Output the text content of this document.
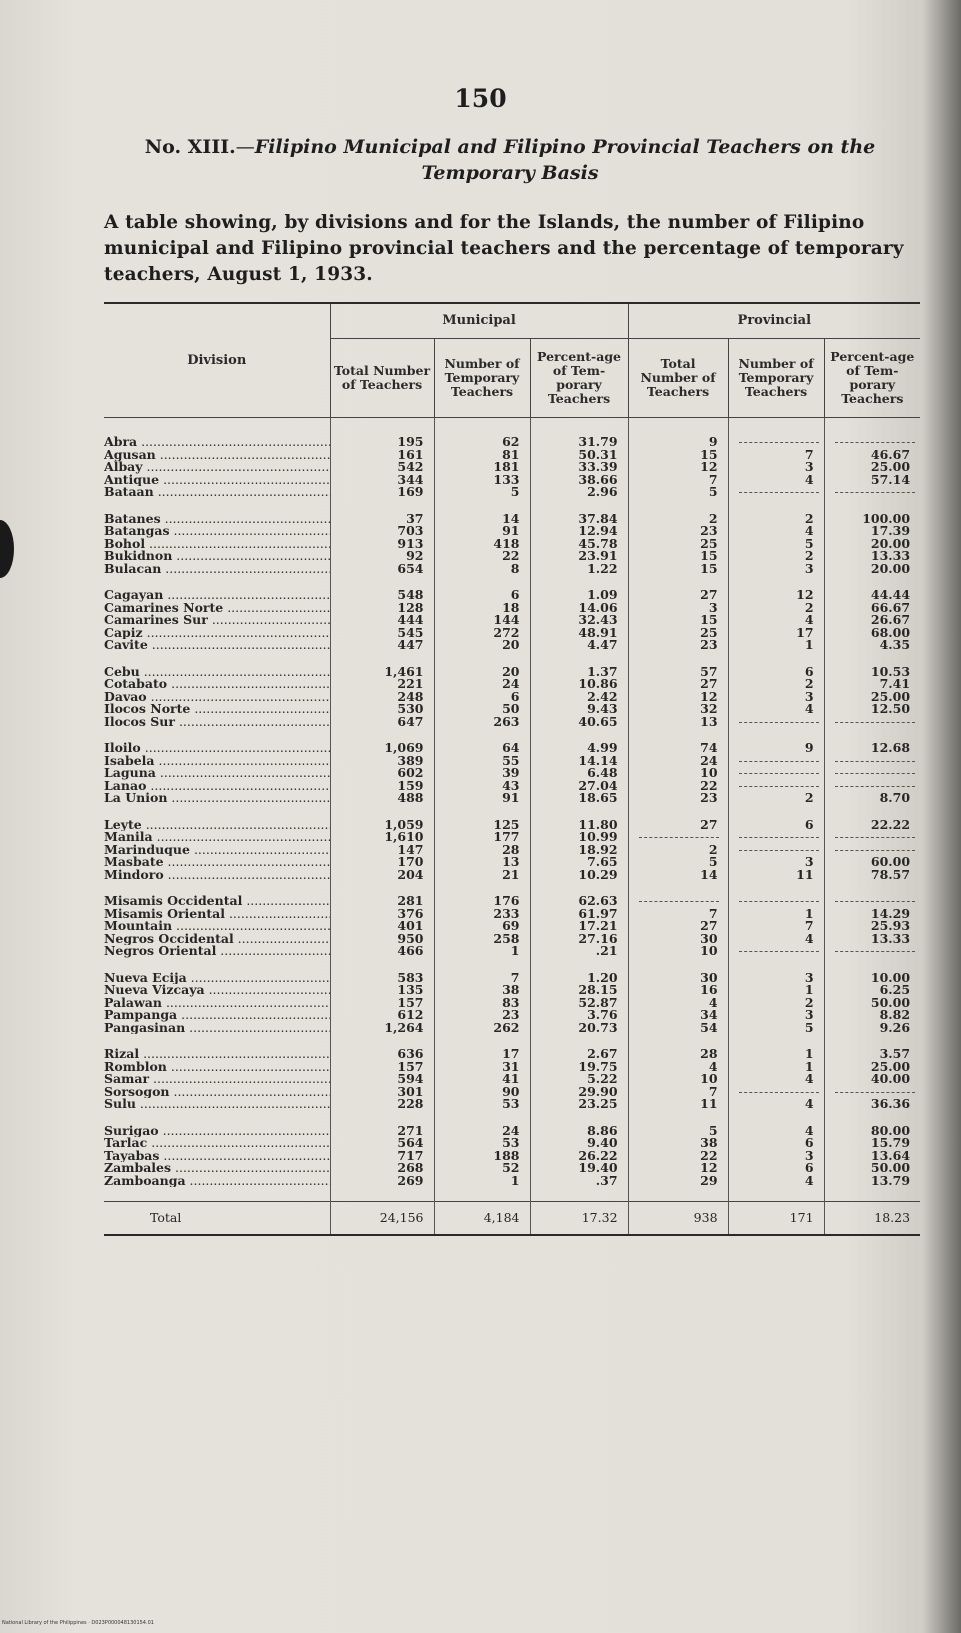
150
No. XIII.—Filipino Municipal and Filipino Provincial Teachers on the
Temporary Basis
A table showing, by divisions and for the Islands, the number of Filipino municipal and Filipino provincial teachers and the percentage of temporary teachers, August 1, 1933.
Division	Municipal			Provincial		
	Total Number of Teachers	Number of Temporary Teachers	Percent-age of Tem-porary Teachers	Total Number of Teachers	Number of Temporary Teachers	Percent-age of Tem-porary Teachers

Abra .....	195	62	31.79	9		
Agusan .....	161	81	50.31	15	7	46.67
Albay .....	542	181	33.39	12	3	25.00
Antique .....	344	133	38.66	7	4	57.14
Bataan .....	169	5	2.96	5		

Batanes .....	37	14	37.84	2	2	100.00
Batangas .....	703	91	12.94	23	4	17.39
Bohol .....	913	418	45.78	25	5	20.00
Bukidnon .....	92	22	23.91	15	2	13.33
Bulacan .....	654	8	1.22	15	3	20.00

Cagayan .....	548	6	1.09	27	12	44.44
Camarines Norte .....	128	18	14.06	3	2	66.67
Camarines Sur .....	444	144	32.43	15	4	26.67
Capiz .....	545	272	48.91	25	17	68.00
Cavite .....	447	20	4.47	23	1	4.35

Cebu .....	1,461	20	1.37	57	6	10.53
Cotabato .....	221	24	10.86	27	2	7.41
Davao .....	248	6	2.42	12	3	25.00
Ilocos Norte .....	530	50	9.43	32	4	12.50
Ilocos Sur .....	647	263	40.65	13		

Iloilo .....	1,069	64	4.99	74	9	12.68
Isabela .....	389	55	14.14	24		
Laguna .....	602	39	6.48	10		
Lanao .....	159	43	27.04	22		
La Union .....	488	91	18.65	23	2	8.70

Leyte .....	1,059	125	11.80	27	6	22.22
Manila .....	1,610	177	10.99			
Marinduque .....	147	28	18.92	2		
Masbate .....	170	13	7.65	5	3	60.00
Mindoro .....	204	21	10.29	14	11	78.57

Misamis Occidental .....	281	176	62.63			
Misamis Oriental .....	376	233	61.97	7	1	14.29
Mountain .....	401	69	17.21	27	7	25.93
Negros Occidental .....	950	258	27.16	30	4	13.33
Negros Oriental .....	466	1	.21	10		

Nueva Ecija .....	583	7	1.20	30	3	10.00
Nueva Vizcaya .....	135	38	28.15	16	1	6.25
Palawan .....	157	83	52.87	4	2	50.00
Pampanga .....	612	23	3.76	34	3	8.82
Pangasinan .....	1,264	262	20.73	54	5	9.26

Rizal .....	636	17	2.67	28	1	3.57
Romblon .....	157	31	19.75	4	1	25.00
Samar .....	594	41	5.22	10	4	40.00
Sorsogon .....	301	90	29.90	7		
Sulu .....	228	53	23.25	11	4	36.36

Surigao .....	271	24	8.86	5	4	80.00
Tarlac .....	564	53	9.40	38	6	15.79
Tayabas .....	717	188	26.22	22	3	13.64
Zambales .....	268	52	19.40	12	6	50.00
Zamboanga .....	269	1	.37	29	4	13.79

Total	24,156	4,184	17.32	938	171	18.23
National Library of the Philippines · D023P000048130154.01
